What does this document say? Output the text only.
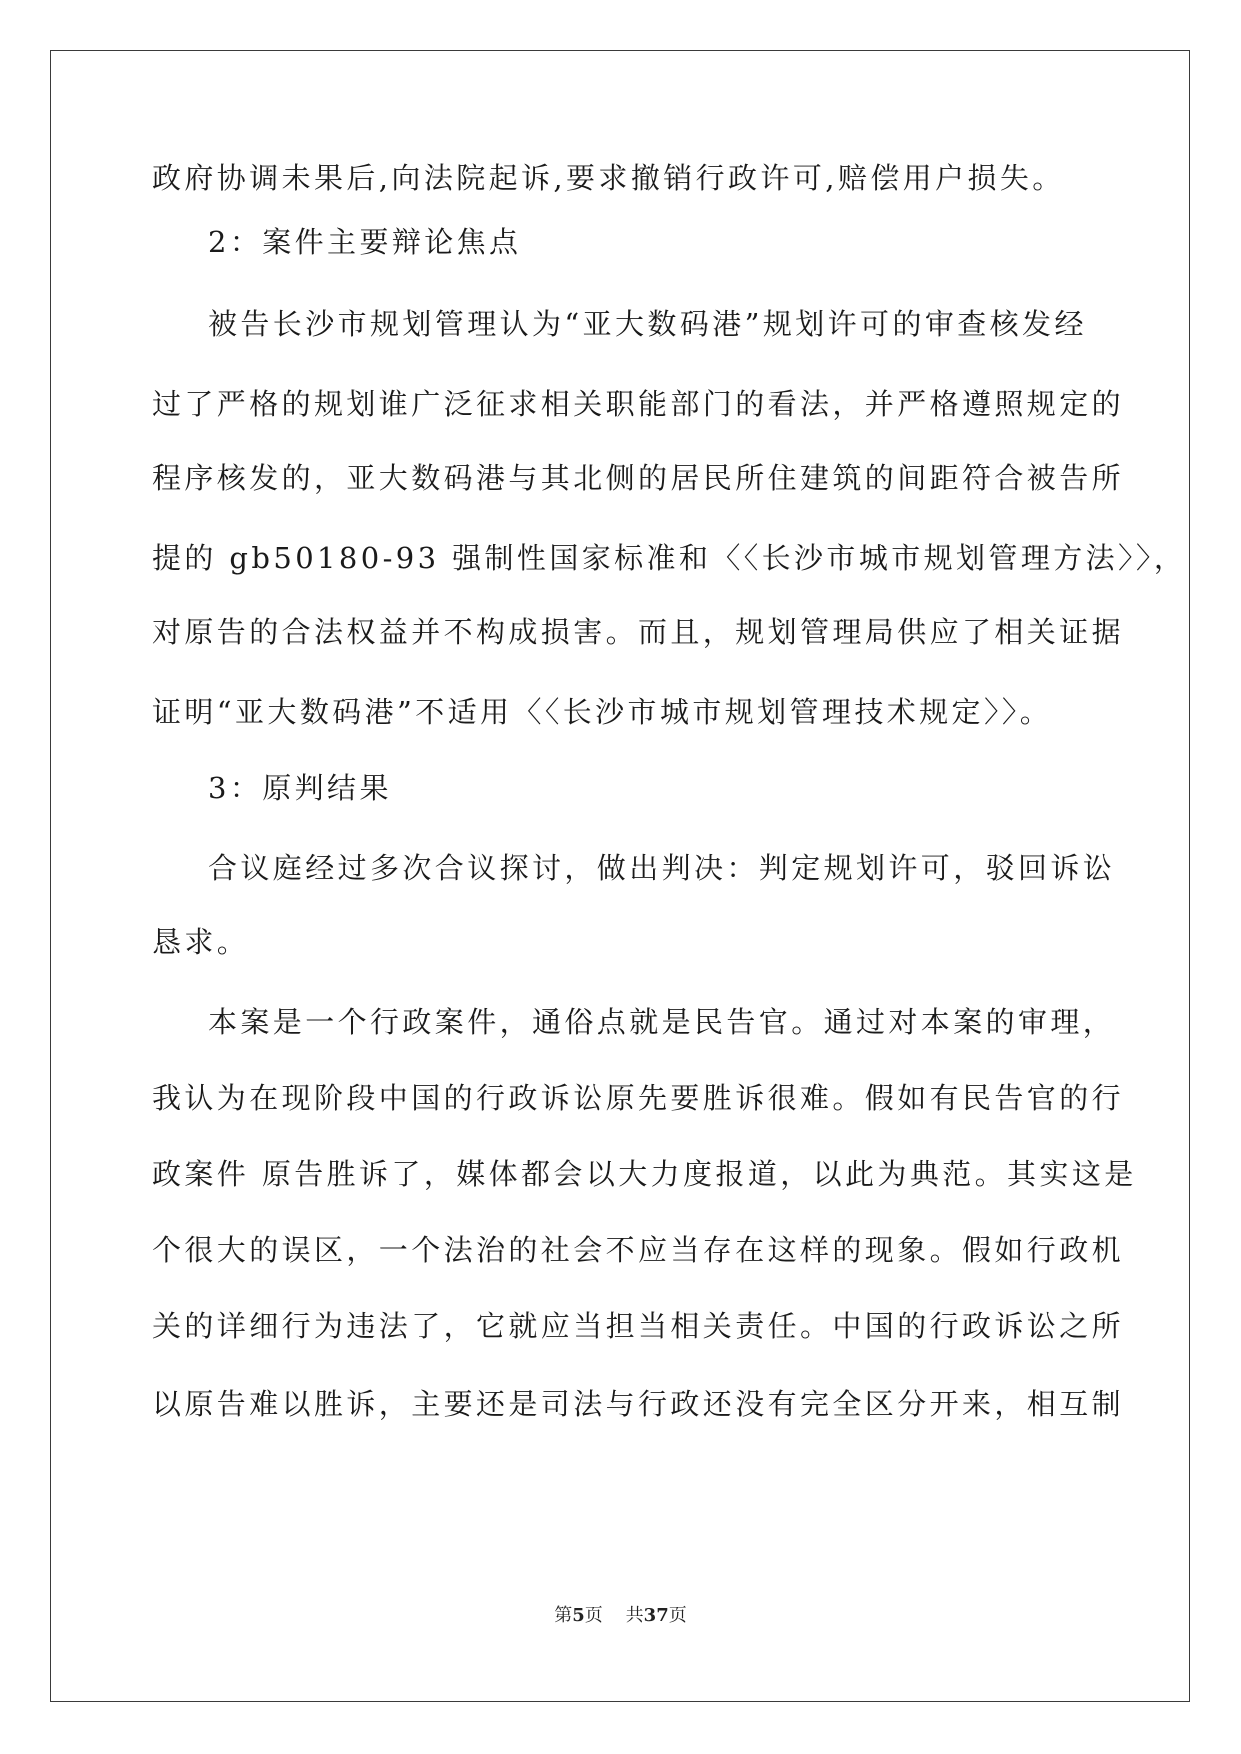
政府协调未果后,向法院起诉,要求撤销行政许可,赔偿用户损失。
2：案件主要辩论焦点
被告长沙市规划管理认为“亚大数码港”规划许可的审查核发经
过了严格的规划谁广泛征求相关职能部门的看法，并严格遵照规定的
程序核发的，亚大数码港与其北侧的居民所住建筑的间距符合被告所
提的 gb50180-93 强制性国家标准和〈〈长沙市城市规划管理方法〉〉，
对原告的合法权益并不构成损害。而且，规划管理局供应了相关证据
证明“亚大数码港”不适用〈〈长沙市城市规划管理技术规定〉〉。
3：原判结果
合议庭经过多次合议探讨，做出判决：判定规划许可，驳回诉讼
恳求。
本案是一个行政案件，通俗点就是民告官。通过对本案的审理，
我认为在现阶段中国的行政诉讼原先要胜诉很难。假如有民告官的行
政案件 原告胜诉了，媒体都会以大力度报道，以此为典范。其实这是
个很大的误区，一个法治的社会不应当存在这样的现象。假如行政机
关的详细行为违法了，它就应当担当相关责任。中国的行政诉讼之所
以原告难以胜诉，主要还是司法与行政还没有完全区分开来，相互制
第5页 共37页
